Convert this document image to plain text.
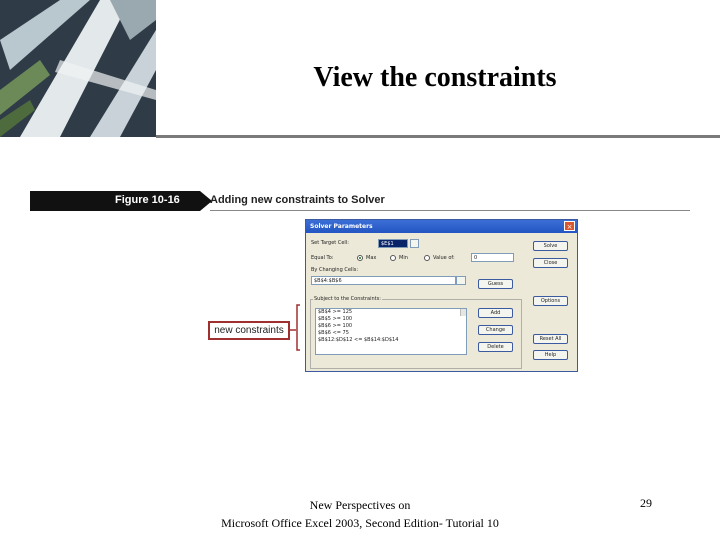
View the constraints
Figure 10-16	Adding new constraints to Solver
new constraints
Solver Parameters	×
Set Target Cell:	$E$1
Equal To:	Max	Min	Value of:	0
By Changing Cells:
$B$4:$B$6
Subject to the Constraints:
$B$4 >= 125
$B$5 >= 100
$B$6 >= 100
$B$6 <= 75
$B$12:$D$12 <= $B$14:$D$14
Solve
Close
Guess
Options
Add
Change
Reset All
Delete
Help
New Perspectives on
Microsoft Office Excel 2003, Second Edition- Tutorial 10
29
